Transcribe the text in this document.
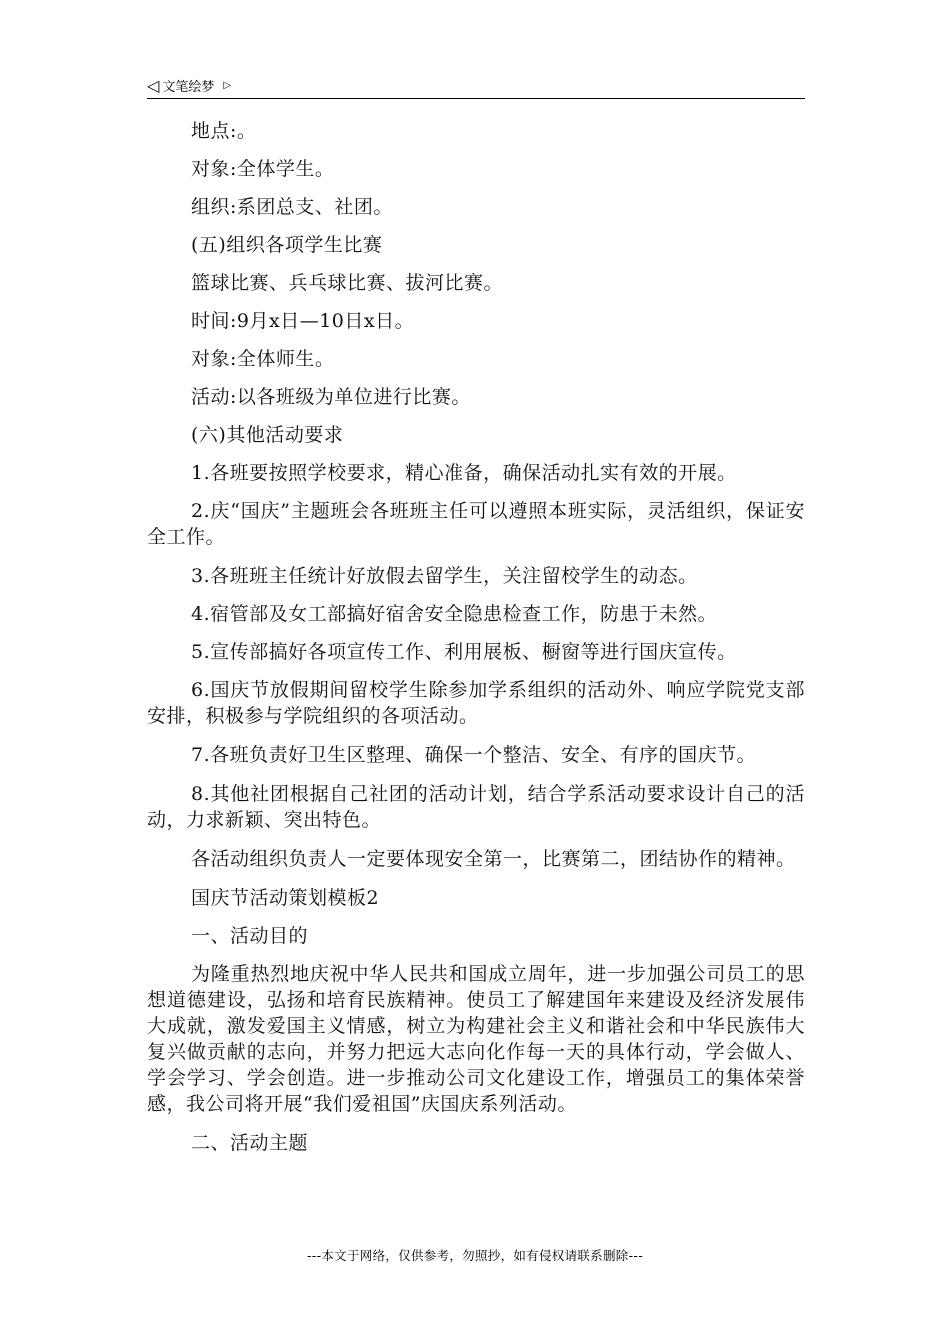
◁ 文笔绘梦 ▷

地点:。

对象:全体学生。

组织:系团总支、社团。

(五)组织各项学生比赛

篮球比赛、兵乓球比赛、拔河比赛。

时间:9月x日—10日x日。

对象:全体师生。

活动:以各班级为单位进行比赛。

(六)其他活动要求

1.各班要按照学校要求，精心准备，确保活动扎实有效的开展。

2.庆“国庆”主题班会各班班主任可以遵照本班实际，灵活组织，保证安全工作。

3.各班班主任统计好放假去留学生，关注留校学生的动态。

4.宿管部及女工部搞好宿舍安全隐患检查工作，防患于未然。

5.宣传部搞好各项宣传工作、利用展板、橱窗等进行国庆宣传。

6.国庆节放假期间留校学生除参加学系组织的活动外、响应学院党支部安排，积极参与学院组织的各项活动。

7.各班负责好卫生区整理、确保一个整洁、安全、有序的国庆节。

8.其他社团根据自己社团的活动计划，结合学系活动要求设计自己的活动，力求新颖、突出特色。

各活动组织负责人一定要体现安全第一，比赛第二，团结协作的精神。

国庆节活动策划模板2

一、活动目的

为隆重热烈地庆祝中华人民共和国成立周年，进一步加强公司员工的思想道德建设，弘扬和培育民族精神。使员工了解建国年来建设及经济发展伟大成就，激发爱国主义情感，树立为构建社会主义和谐社会和中华民族伟大复兴做贡献的志向，并努力把远大志向化作每一天的具体行动，学会做人、学会学习、学会创造。进一步推动公司文化建设工作，增强员工的集体荣誉感，我公司将开展“我们爱祖国”庆国庆系列活动。

二、活动主题

---本文于网络，仅供参考，勿照抄，如有侵权请联系删除---
